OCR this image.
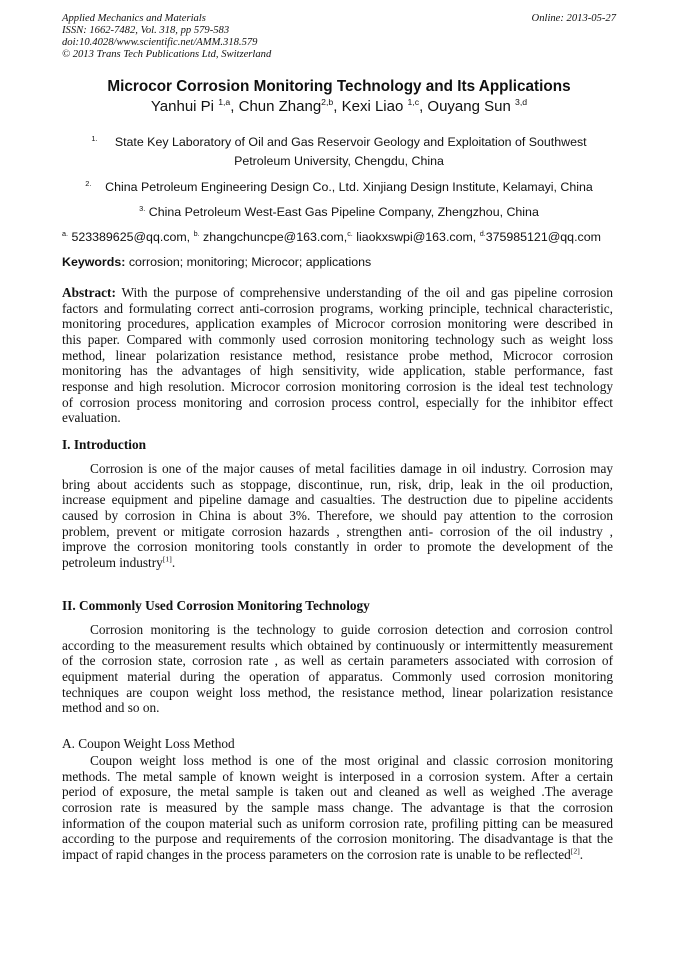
Applied Mechanics and Materials
ISSN: 1662-7482, Vol. 318, pp 579-583
doi:10.4028/www.scientific.net/AMM.318.579
© 2013 Trans Tech Publications Ltd, Switzerland
Online: 2013-05-27
Microcor Corrosion Monitoring Technology and Its Applications
Yanhui Pi $^{1,a}$, Chun Zhang$^{2,b}$, Kexi Liao $^{1,c}$, Ouyang Sun $^{3,d}$
$^{1.}$ State Key Laboratory of Oil and Gas Reservoir Geology and Exploitation of Southwest
Petroleum University, Chengdu, China
$^{2.}$ China Petroleum Engineering Design Co., Ltd. Xinjiang Design Institute, Kelamayi, China
$^{3.}$ China Petroleum West-East Gas Pipeline Company, Zhengzhou, China
$^{a.}$ 523389625@qq.com, $^{b.}$ zhangchuncpe@163.com,$^{c.}$ liaokxswpi@163.com, $^{d.}$375985121@qq.com
Keywords: corrosion; monitoring; Microcor; applications
Abstract: With the purpose of comprehensive understanding of the oil and gas pipeline corrosion
factors and formulating correct anti-corrosion programs, working principle, technical characteristic,
monitoring procedures, application examples of Microcor corrosion monitoring were described in
this paper. Compared with commonly used corrosion monitoring technology such as weight loss
method, linear polarization resistance method, resistance probe method, Microcor corrosion
monitoring has the advantages of high sensitivity, wide application, stable performance, fast
response and high resolution. Microcor corrosion monitoring corrosion is the ideal test technology
of corrosion process monitoring and corrosion process control, especially for the inhibitor effect
evaluation.
I. Introduction
Corrosion is one of the major causes of metal facilities damage in oil industry. Corrosion may
bring about accidents such as stoppage, discontinue, run, risk, drip, leak in the oil production,
increase equipment and pipeline damage and casualties. The destruction due to pipeline accidents
caused by corrosion in China is about 3%. Therefore, we should pay attention to the corrosion
problem, prevent or mitigate corrosion hazards , strengthen anti- corrosion of the oil industry ,
improve the corrosion monitoring tools constantly in order to promote the development of the
petroleum industry[1].
II. Commonly Used Corrosion Monitoring Technology
Corrosion monitoring is the technology to guide corrosion detection and corrosion control
according to the measurement results which obtained by continuously or intermittently measurement
of the corrosion state, corrosion rate , as well as certain parameters associated with corrosion of
equipment material during the operation of apparatus. Commonly used corrosion monitoring
techniques are coupon weight loss method, the resistance method, linear polarization resistance
method and so on.
A. Coupon Weight Loss Method
Coupon weight loss method is one of the most original and classic corrosion monitoring
methods. The metal sample of known weight is interposed in a corrosion system. After a certain
period of exposure, the metal sample is taken out and cleaned as well as weighed .The average
corrosion rate is measured by the sample mass change. The advantage is that the corrosion
information of the coupon material such as uniform corrosion rate, profiling pitting can be measured
according to the purpose and requirements of the corrosion monitoring. The disadvantage is that the
impact of rapid changes in the process parameters on the corrosion rate is unable to be reflected[2].
